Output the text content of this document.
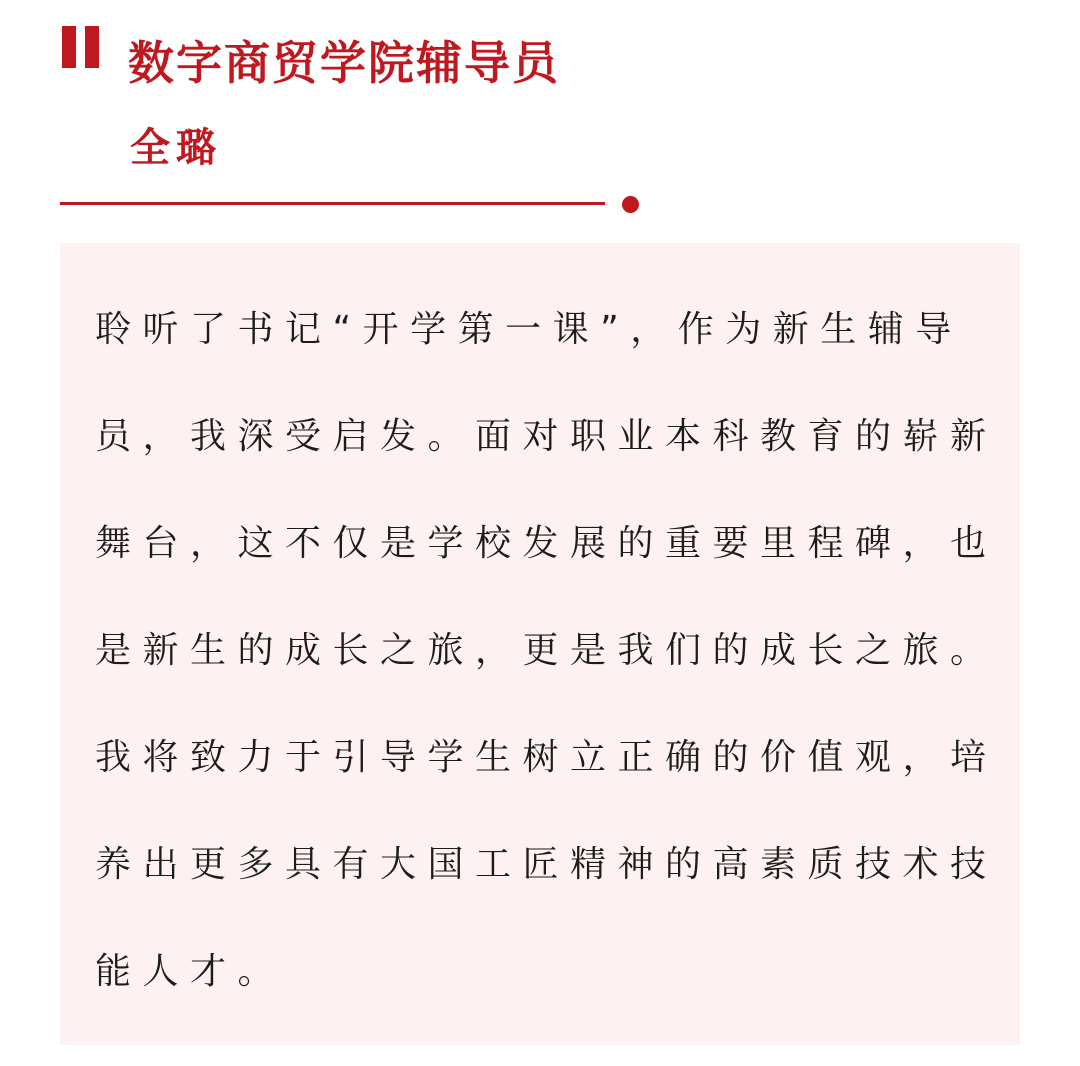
数字商贸学院辅导员
全璐

聆听了书记“开学第一课”，作为新生辅导
员，我深受启发。面对职业本科教育的崭新
舞台，这不仅是学校发展的重要里程碑，也
是新生的成长之旅，更是我们的成长之旅。
我将致力于引导学生树立正确的价值观，培
养出更多具有大国工匠精神的高素质技术技
能人才。
